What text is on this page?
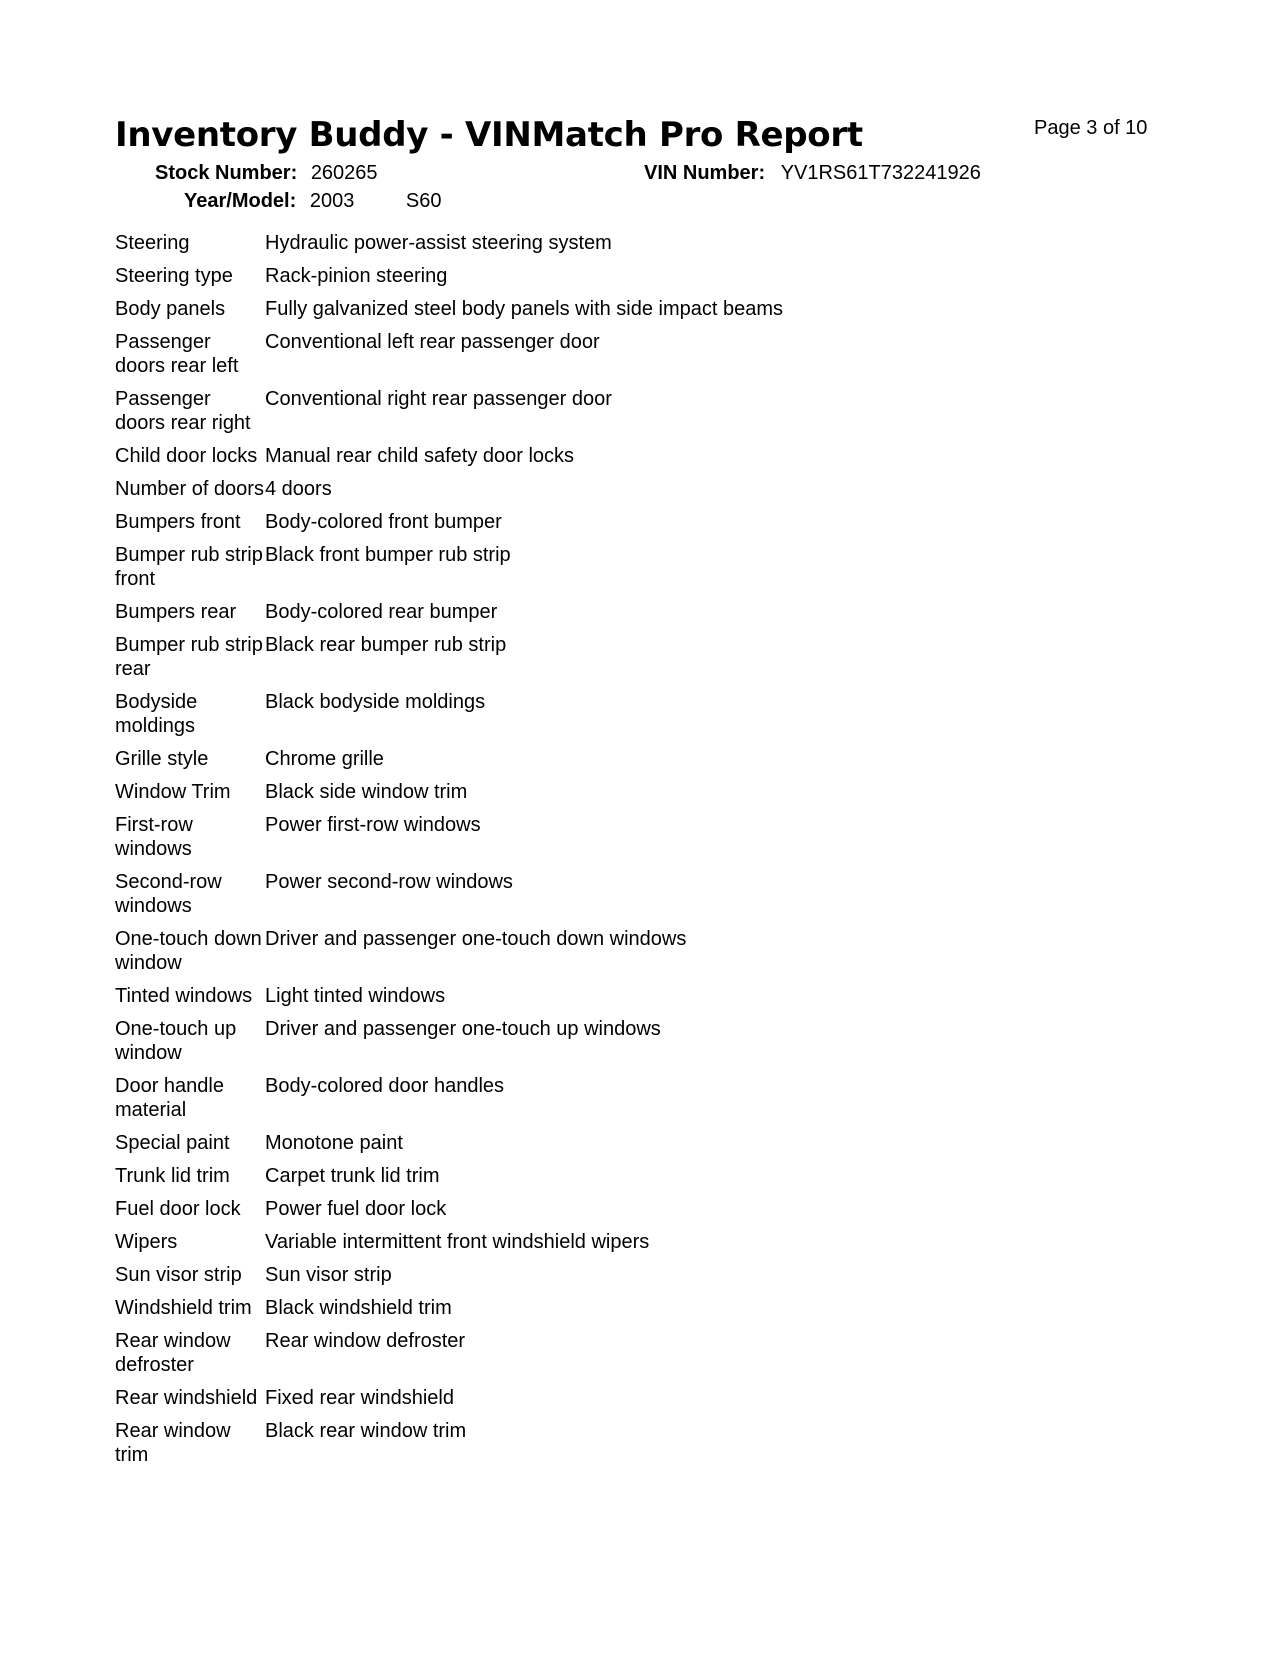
Page 3 of 10
Inventory Buddy - VINMatch Pro Report
Stock Number: 260265	VIN Number: YV1RS61T732241926
Year/Model: 2003	S60
Steering	Hydraulic power-assist steering system
Steering type	Rack-pinion steering
Body panels	Fully galvanized steel body panels with side impact beams
Passenger doors rear left	Conventional left rear passenger door
Passenger doors rear right	Conventional right rear passenger door
Child door locks	Manual rear child safety door locks
Number of doors	4 doors
Bumpers front	Body-colored front bumper
Bumper rub strip front	Black front bumper rub strip
Bumpers rear	Body-colored rear bumper
Bumper rub strip rear	Black rear bumper rub strip
Bodyside moldings	Black bodyside moldings
Grille style	Chrome grille
Window Trim	Black side window trim
First-row windows	Power first-row windows
Second-row windows	Power second-row windows
One-touch down window	Driver and passenger one-touch down windows
Tinted windows	Light tinted windows
One-touch up window	Driver and passenger one-touch up windows
Door handle material	Body-colored door handles
Special paint	Monotone paint
Trunk lid trim	Carpet trunk lid trim
Fuel door lock	Power fuel door lock
Wipers	Variable intermittent front windshield wipers
Sun visor strip	Sun visor strip
Windshield trim	Black windshield trim
Rear window defroster	Rear window defroster
Rear windshield	Fixed rear windshield
Rear window trim	Black rear window trim
